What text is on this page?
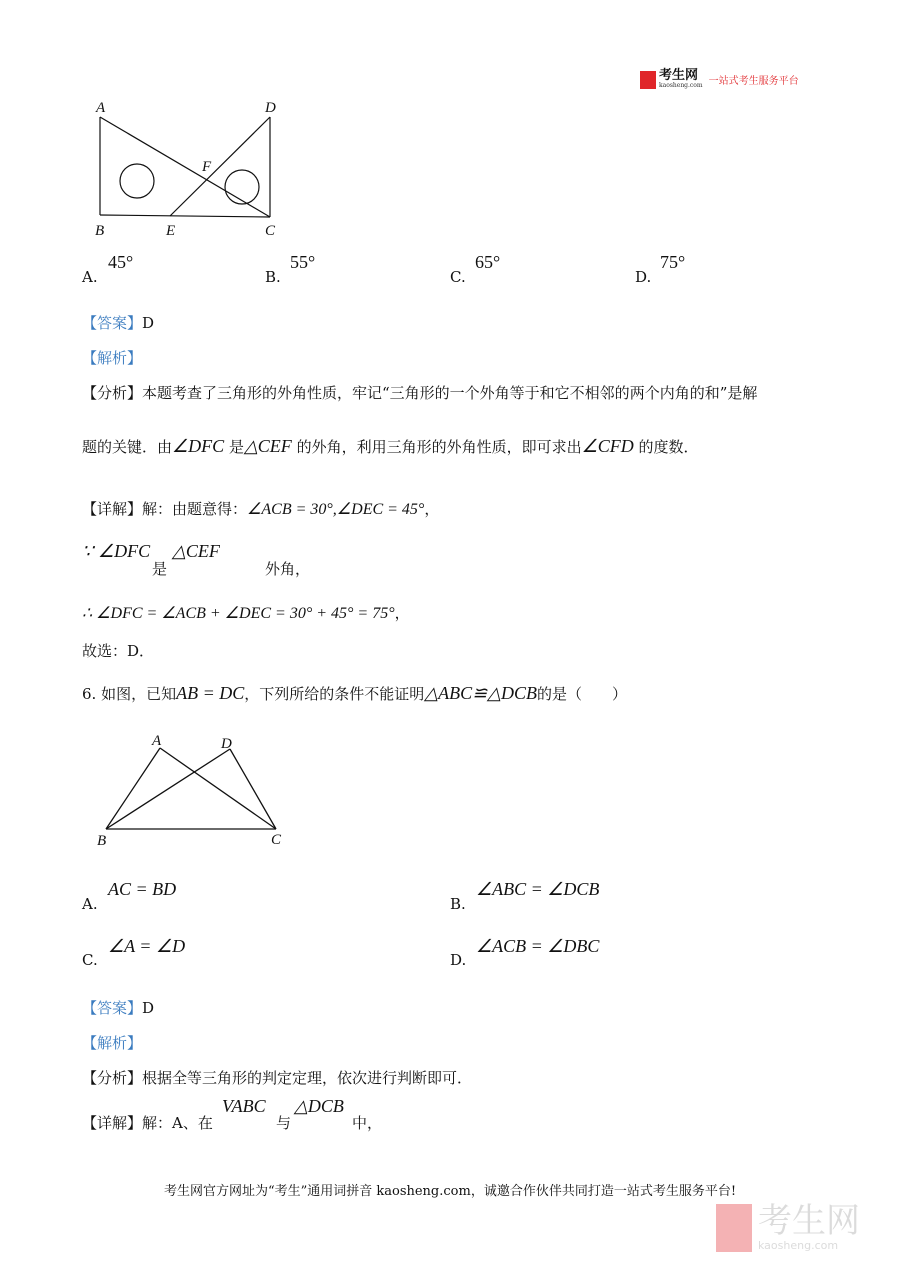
考生网
kaosheng.com 一站式考生服务平台
A	D
F
B	E	C
A.
45°
B.
55°
C.
65°
D.
75°
【答案】D
【解析】
【分析】本题考查了三角形的外角性质，牢记“三角形的一个外角等于和它不相邻的两个内角的和”是解
题的关键．由∠DFC 是△CEF 的外角，利用三角形的外角性质，即可求出∠CFD 的度数．
【详解】解：由题意得：∠ACB = 30°,∠DEC = 45°，
∵ ∠DFC
是
△CEF
外角，
∴ ∠DFC = ∠ACB + ∠DEC = 30° + 45° = 75°，
故选：D．
6. 如图，已知AB = DC，下列所给的条件不能证明△ABC≌△DCB的是（　　）
A	D
B	C
A.
AC = BD
B.
∠ABC = ∠DCB
C.
∠A = ∠D
D.
∠ACB = ∠DBC
【答案】D
【解析】
【分析】根据全等三角形的判定定理，依次进行判断即可．
【详解】解：A、在
VABC
与
△DCB
中，
考生网官方网址为“考生”通用词拼音 kaosheng.com，诚邀合作伙伴共同打造一站式考生服务平台!
考生网
kaosheng.com
